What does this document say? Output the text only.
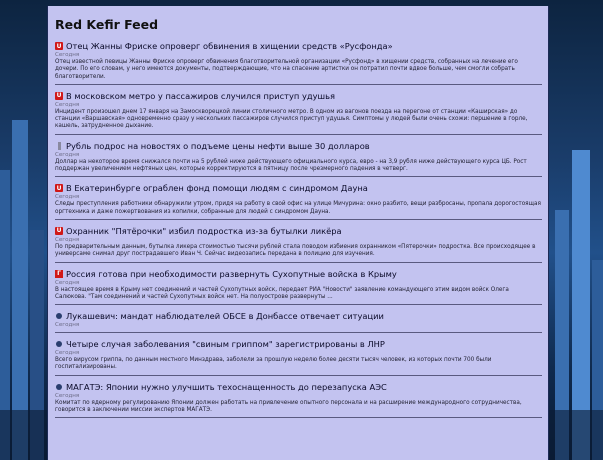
Red Kefir Feed
U Отец Жанны Фриске опроверг обвинения в хищении средств «Русфонда»
Сегодня
Отец известной певицы Жанны Фриске опроверг обвинения благотворительной организации «Русфонд» в хищении средств, собранных на лечение его дочери. По его словам, у него имеются документы, подтверждающие, что на спасение артистки он потратил почти вдвое больше, чем смогли собрать благотворители.
U В московском метро у пассажиров случился приступ удушья
Сегодня
Инцидент произошел днем 17 января на Замоскворецкой линии столичного метро. В одном из вагонов поезда на перегоне от станции «Каширская» до станции «Варшавская» одновременно сразу у нескольких пассажиров случился приступ удушья. Симптомы у людей были очень схожи: першение в горле, кашель, затрудненное дыхание.
Рубль подрос на новостях о подъеме цены нефти выше 30 долларов
Сегодня
Доллар на некоторое время снижался почти на 5 рублей ниже действующего официального курса, евро - на 3,9 рубля ниже действующего курса ЦБ. Рост поддержан увеличением нефтяных цен, которые корректируются в пятницу после чрезмерного падения в четверг.
U В Екатеринбурге ограблен фонд помощи людям с синдромом Дауна
Сегодня
Следы преступления работники обнаружили утром, придя на работу в свой офис на улице Мичурина: окно разбито, вещи разбросаны, пропала дорогостоящая оргтехника и даже пожертвования из копилки, собранные для людей с синдромом Дауна.
U Охранник "Пятёрочки" избил подростка из-за бутылки ликёра
Сегодня
По предварительным данным, бутылка ликера стоимостью тысячи рублей стала поводом избиения охранником «Пятерочки» подростка. Все происходящее в универсаме снимал друг пострадавшего Иван Ч. Сейчас видеозапись передана в полицию для изучения.
Г Россия готова при необходимости развернуть Сухопутные войска в Крыму
Сегодня
В настоящее время в Крыму нет соединений и частей Сухопутных войск, передает РИА "Новости" заявление командующего этим видом войск Олега Салюкова. "Там соединений и частей Сухопутных войск нет. На полуострове развернуты ...
Лукашевич: мандат наблюдателей ОБСЕ в Донбассе отвечает ситуации
Сегодня
Четыре случая заболевания "свиным гриппом" зарегистрированы в ЛНР
Сегодня
Всего вирусом гриппа, по данным местного Минздрава, заболели за прошлую неделю более десяти тысяч человек, из которых почти 700 были госпитализированы.
МАГАТЭ: Японии нужно улучшить техоснащенность до перезапуска АЭС
Сегодня
Комитат по ядерному регулированию Японии должен работать на привлечение опытного персонала и на расширение международного сотрудничества, говорится в заключении миссии экспертов МАГАТЭ.
